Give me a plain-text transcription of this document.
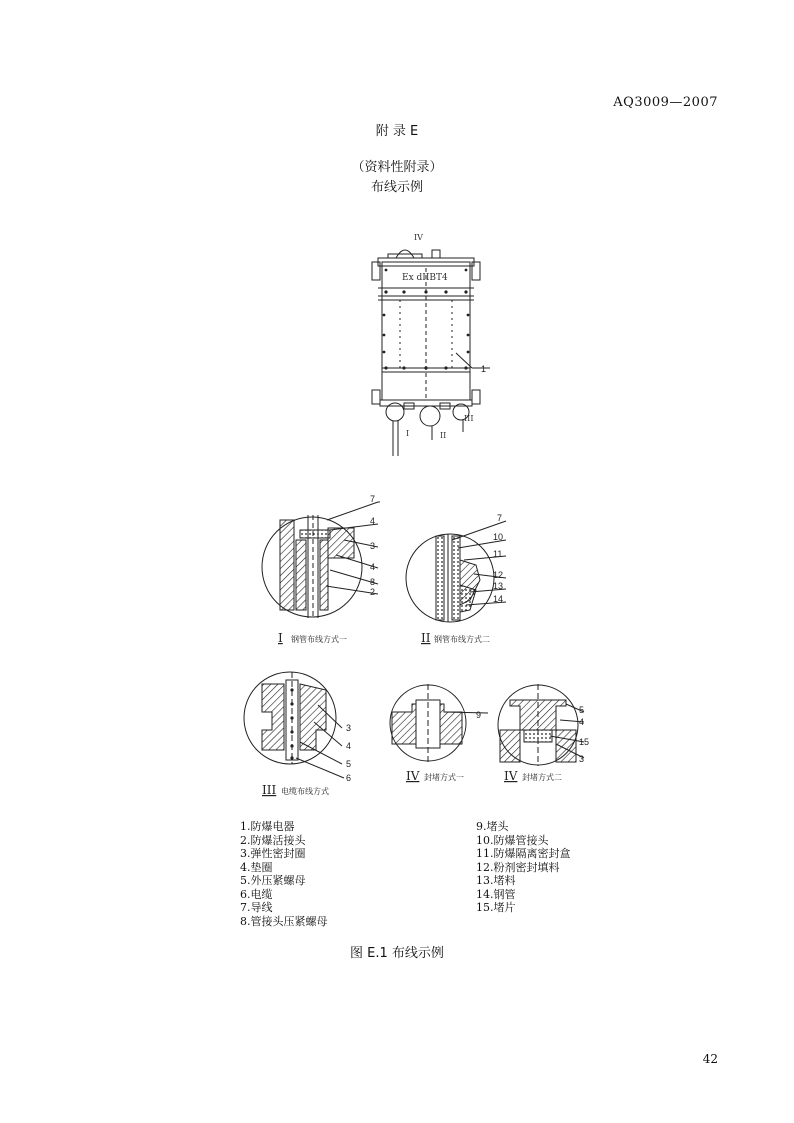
AQ3009—2007
附 录 E
（资料性附录）
布线示例
Ex dIIBT4
IV
I	II
III
1
7
4
3
4
8
2
I 钢管布线方式一
7
10
11
12
13
14
II 钢管布线方式二
3
4
5
6
III 电缆布线方式
9
IV 封堵方式一
5
4
15
3
IV 封堵方式二
1.防爆电器
2.防爆活接头
3.弹性密封圈
4.垫圈
5.外压紧螺母
6.电缆
7.导线
8.管接头压紧螺母
9.堵头
10.防爆管接头
11.防爆隔离密封盒
12.粉剂密封填料
13.堵料
14.钢管
15.堵片
图 E.1 布线示例
42
